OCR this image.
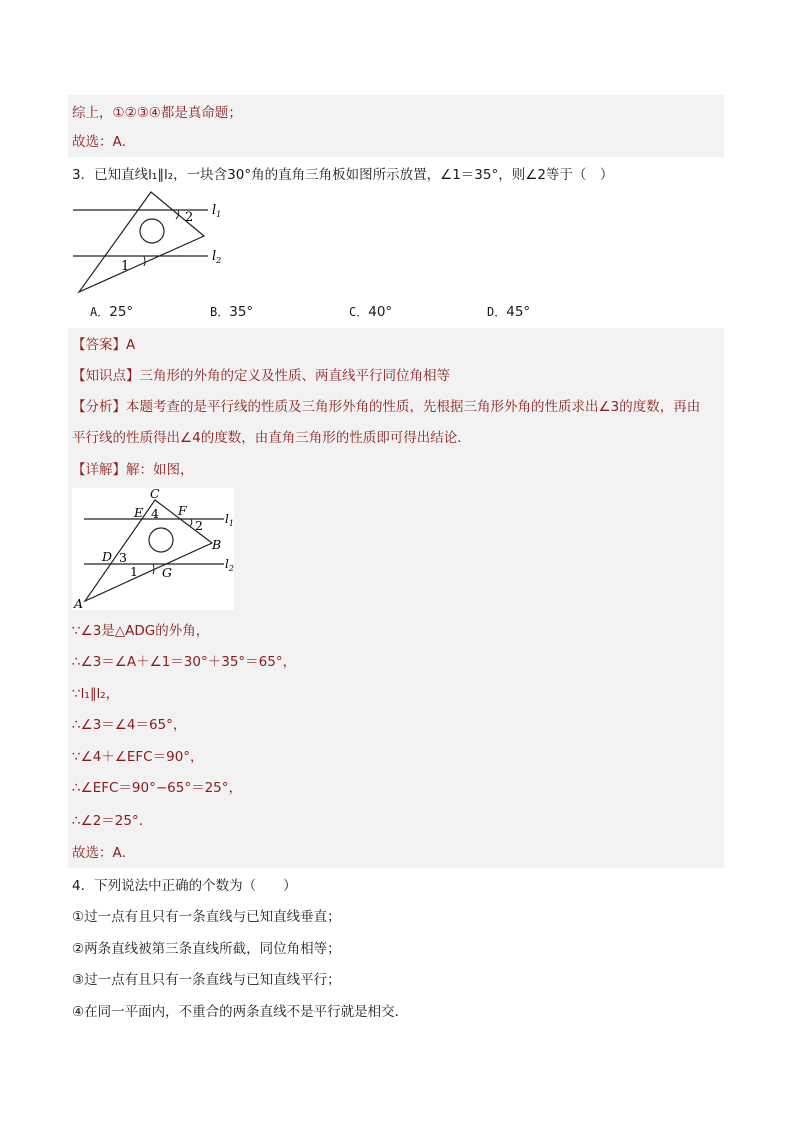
综上，①②③④都是真命题；
故选：A．
3．已知直线l₁∥l₂，一块含30°角的直角三角板如图所示放置，∠1＝35°，则∠2等于（　）
2
1
$l_1$
$l_2$
A．25°	B．35°	C．40°	D．45°
【答案】A
【知识点】三角形的外角的定义及性质、两直线平行同位角相等
【分析】本题考查的是平行线的性质及三角形外角的性质，先根据三角形外角的性质求出∠3的度数，再由
平行线的性质得出∠4的度数，由直角三角形的性质即可得出结论．
【详解】解：如图，
C
E 4 F
2
B
D 3
1 G
A
$l_1$
$l_2$
∵∠3是△ADG的外角，
∴∠3＝∠A＋∠1＝30°＋35°＝65°，
∵l₁∥l₂，
∴∠3＝∠4＝65°，
∵∠4＋∠EFC＝90°，
∴∠EFC＝90°−65°＝25°，
∴∠2＝25°．
故选：A．
4．下列说法中正确的个数为（　　）
①过一点有且只有一条直线与已知直线垂直；
②两条直线被第三条直线所截，同位角相等；
③过一点有且只有一条直线与已知直线平行；
④在同一平面内，不重合的两条直线不是平行就是相交．
